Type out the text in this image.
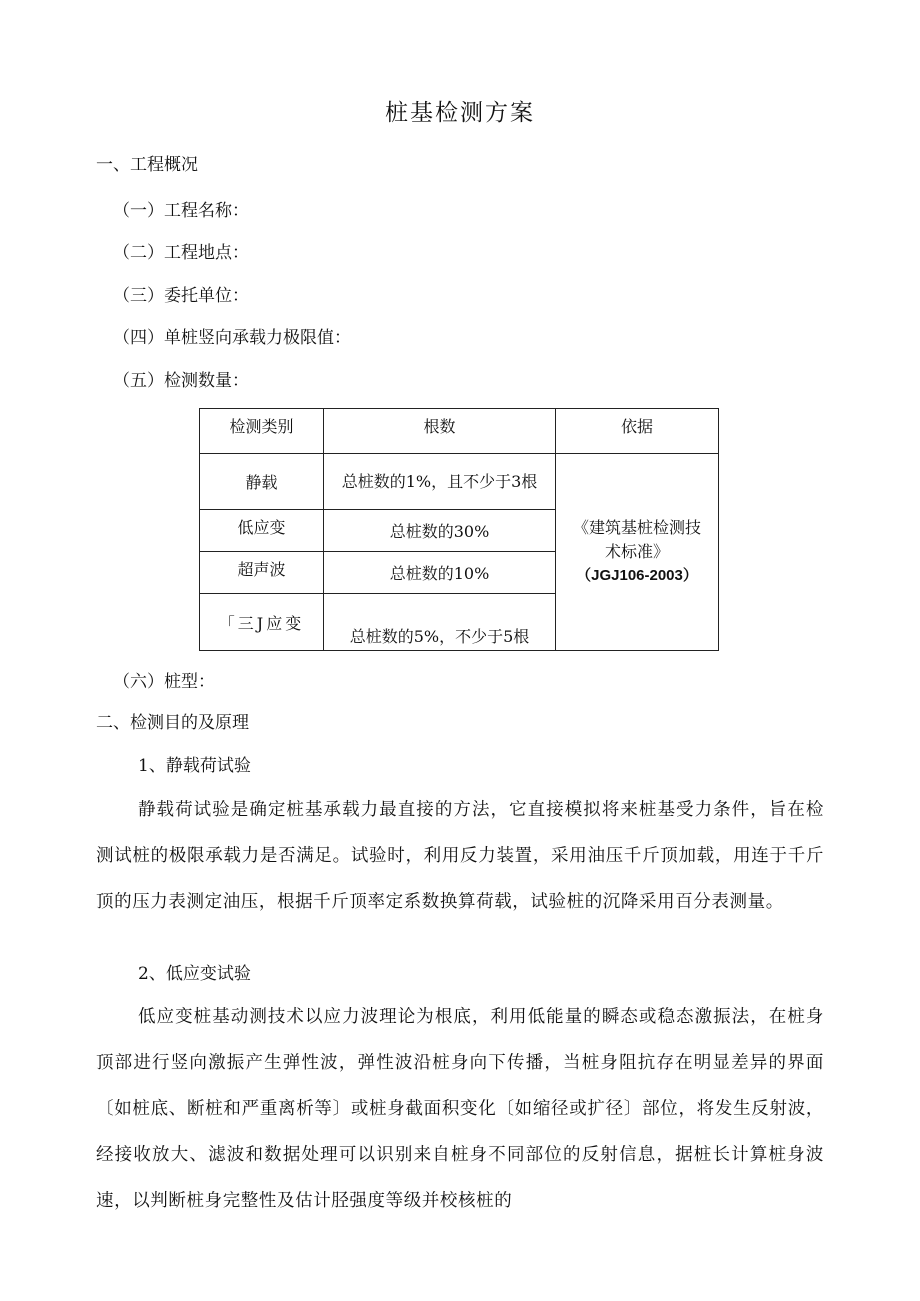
桩基检测方案
一、工程概况
（一）工程名称：
（二）工程地点：
（三）委托单位：
（四）单桩竖向承载力极限值：
（五）检测数量：
检测类别	根数	依据
静载	总桩数的1%，且不少于3根	《建筑基桩检测技术标准》
（JGJ106-2003）

低应变	总桩数的30%	
超声波	总桩数的10%	
「三J应变	总桩数的5%，不少于5根	
（六）桩型：
二、检测目的及原理
1、静载荷试验
静载荷试验是确定桩基承载力最直接的方法，它直接模拟将来桩基受力条件，旨在检测试桩的极限承载力是否满足。试验时，利用反力装置，采用油压千斤顶加载，用连于千斤顶的压力表测定油压，根据千斤顶率定系数换算荷载，试验桩的沉降采用百分表测量。
2、低应变试验
低应变桩基动测技术以应力波理论为根底，利用低能量的瞬态或稳态激振法，在桩身顶部进行竖向激振产生弹性波，弹性波沿桩身向下传播，当桩身阻抗存在明显差异的界面〔如桩底、断桩和严重离析等〕或桩身截面积变化〔如缩径或扩径〕部位，将发生反射波，经接收放大、滤波和数据处理可以识别来自桩身不同部位的反射信息，据桩长计算桩身波速，以判断桩身完整性及估计胫强度等级并校核桩的
